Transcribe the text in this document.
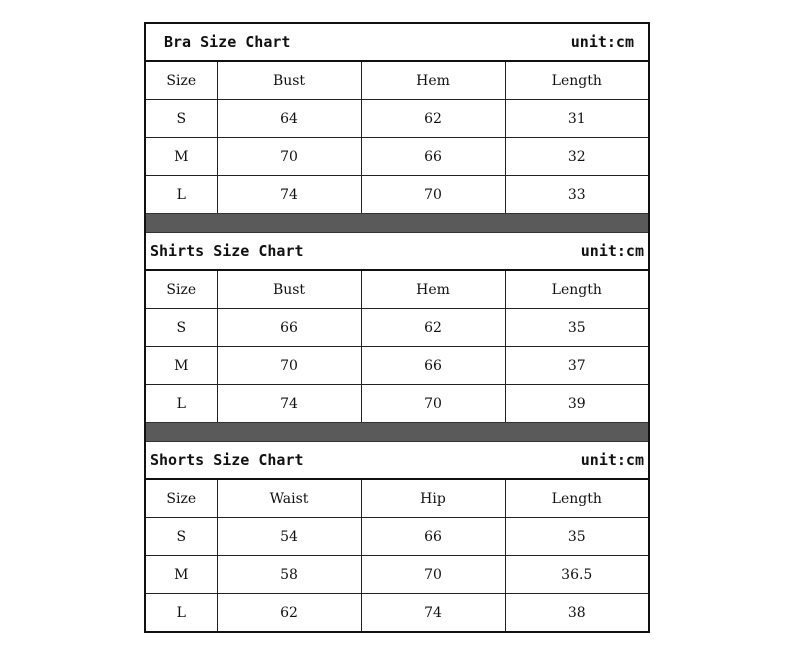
Bra Size Chart	unit:cm
Size	Bust	Hem	Length
S	64	62	31
M	70	66	32
L	74	70	33
Shirts Size Chart	unit:cm
Size	Bust	Hem	Length
S	66	62	35
M	70	66	37
L	74	70	39
Shorts Size Chart	unit:cm
Size	Waist	Hip	Length
S	54	66	35
M	58	70	36.5
L	62	74	38
